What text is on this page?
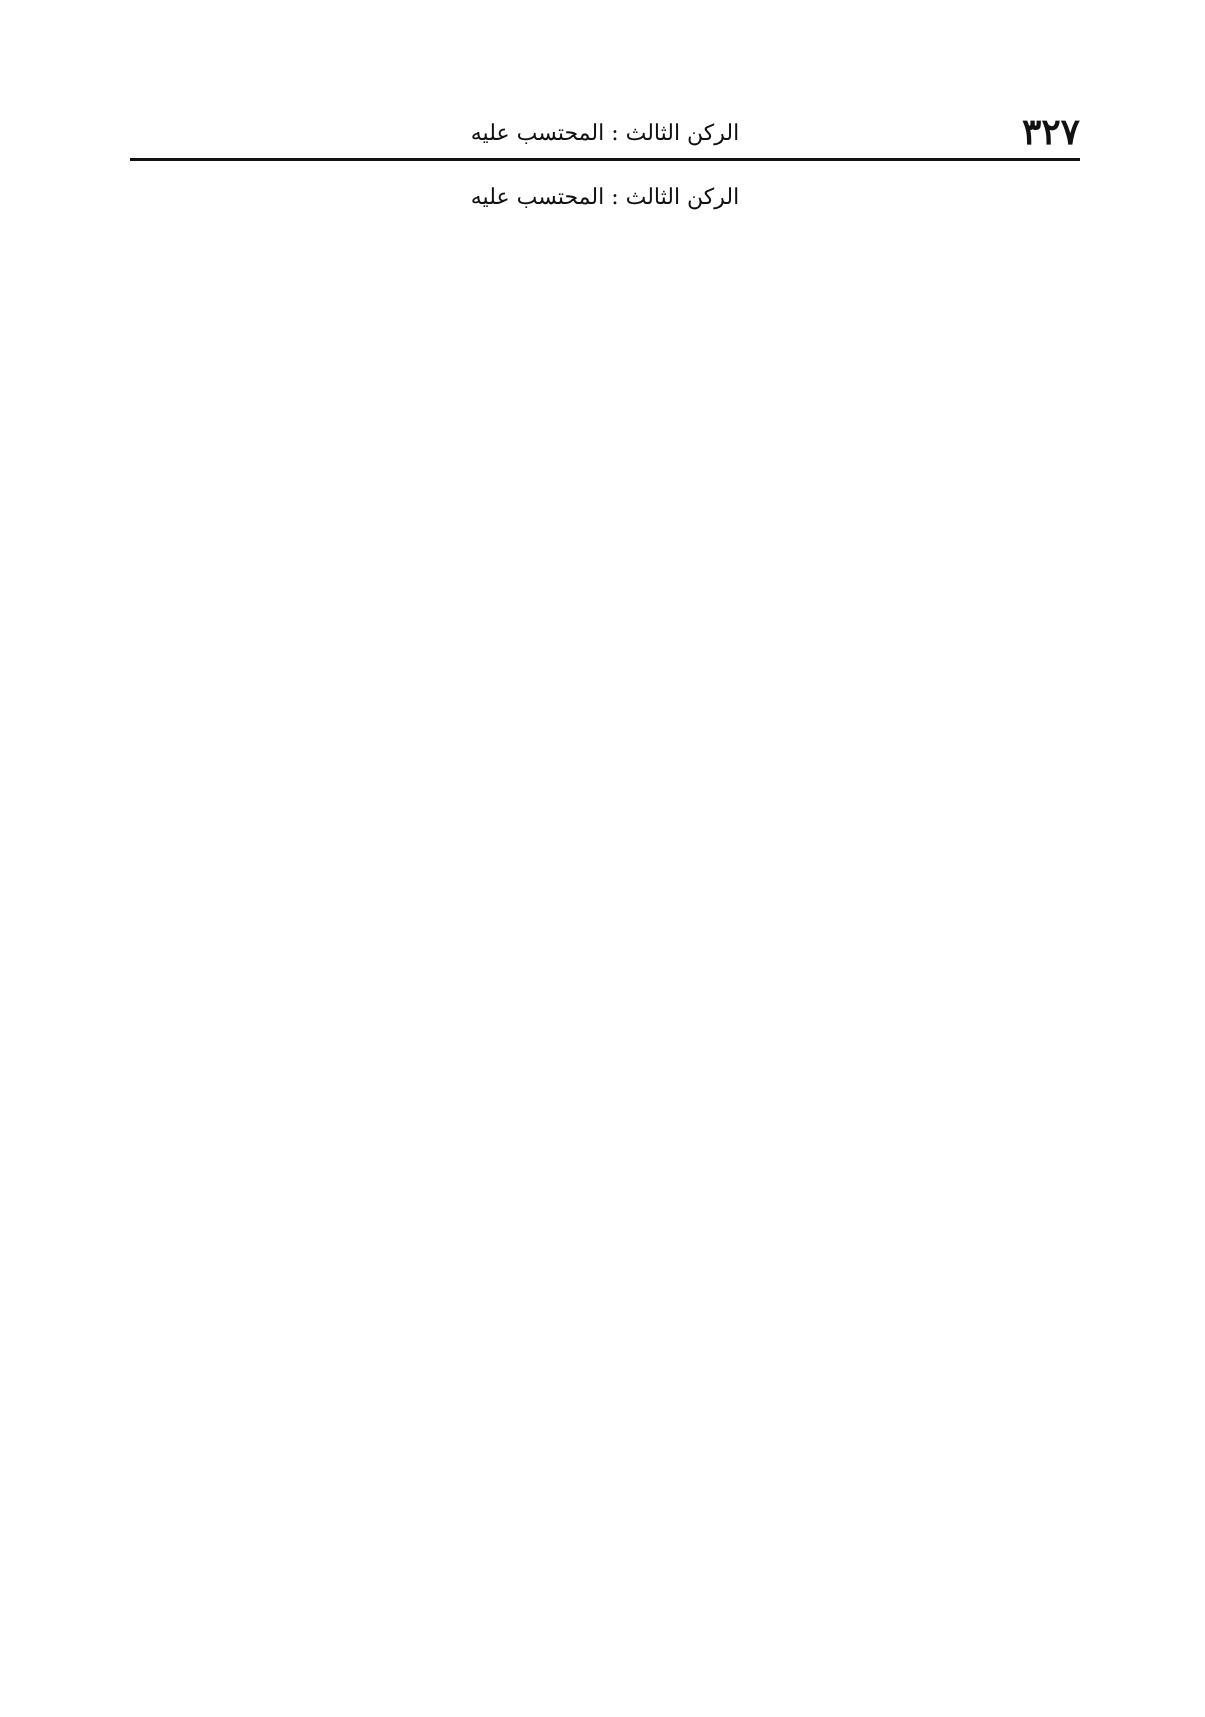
٣٢٧
الركن الثالث : المحتسب عليه
الركن الثالث : المحتسب عليه
